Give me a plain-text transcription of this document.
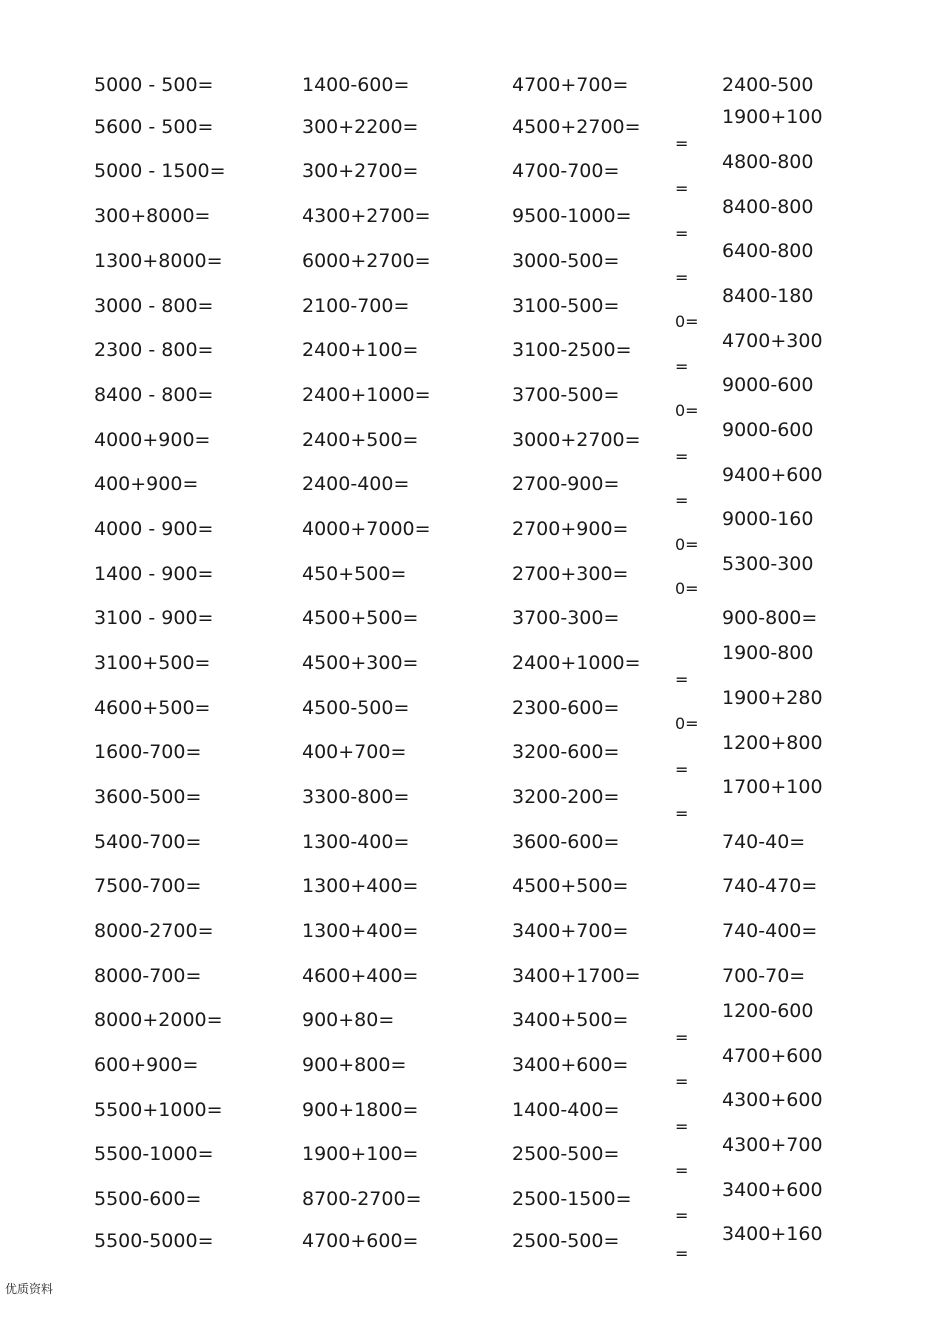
5000 - 500=
5600 - 500=
5000 - 1500=
300+8000=
1300+8000=
3000 - 800=
2300 - 800=
8400 - 800=
4000+900=
400+900=
4000 - 900=
1400 - 900=
3100 - 900=
3100+500=
4600+500=
1600-700=
3600-500=
5400-700=
7500-700=
8000-2700=
8000-700=
8000+2000=
600+900=
5500+1000=
5500-1000=
5500-600=
5500-5000=
1400-600=
300+2200=
300+2700=
4300+2700=
6000+2700=
2100-700=
2400+100=
2400+1000=
2400+500=
2400-400=
4000+7000=
450+500=
4500+500=
4500+300=
4500-500=
400+700=
3300-800=
1300-400=
1300+400=
1300+400=
4600+400=
900+80=
900+800=
900+1800=
1900+100=
8700-2700=
4700+600=
4700+700=
4500+2700=
4700-700=
9500-1000=
3000-500=
3100-500=
3100-2500=
3700-500=
3000+2700=
2700-900=
2700+900=
2700+300=
3700-300=
2400+1000=
2300-600=
3200-600=
3200-200=
3600-600=
4500+500=
3400+700=
3400+1700=
3400+500=
3400+600=
1400-400=
2500-500=
2500-1500=
2500-500=
=
=
=
=
0=
=
0=
=
=
0=
0=
=
0=
=
=
=
=
=
=
=
=
2400-500
1900+100
4800-800
8400-800
6400-800
8400-180
4700+300
9000-600
9000-600
9400+600
9000-160
5300-300
900-800=
1900-800
1900+280
1200+800
1700+100
740-40=
740-470=
740-400=
700-70=
1200-600
4700+600
4300+600
4300+700
3400+600
3400+160
优质资料
